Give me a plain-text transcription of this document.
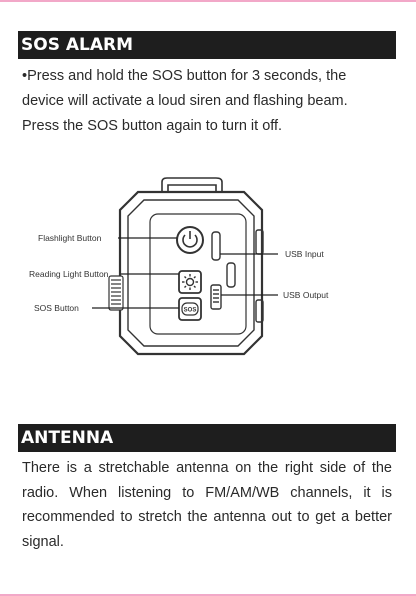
SOS ALARM
•Press and hold the SOS button for 3 seconds, the
device will activate a loud siren and flashing beam.
Press the SOS button again to turn it off.
SOS
Flashlight Button
Reading Light Button
SOS Button
USB Input
USB Output
ANTENNA
There is a stretchable antenna on the right side of the radio. When listening to FM/AM/WB channels, it is recommended to stretch the antenna out to get a better signal.
